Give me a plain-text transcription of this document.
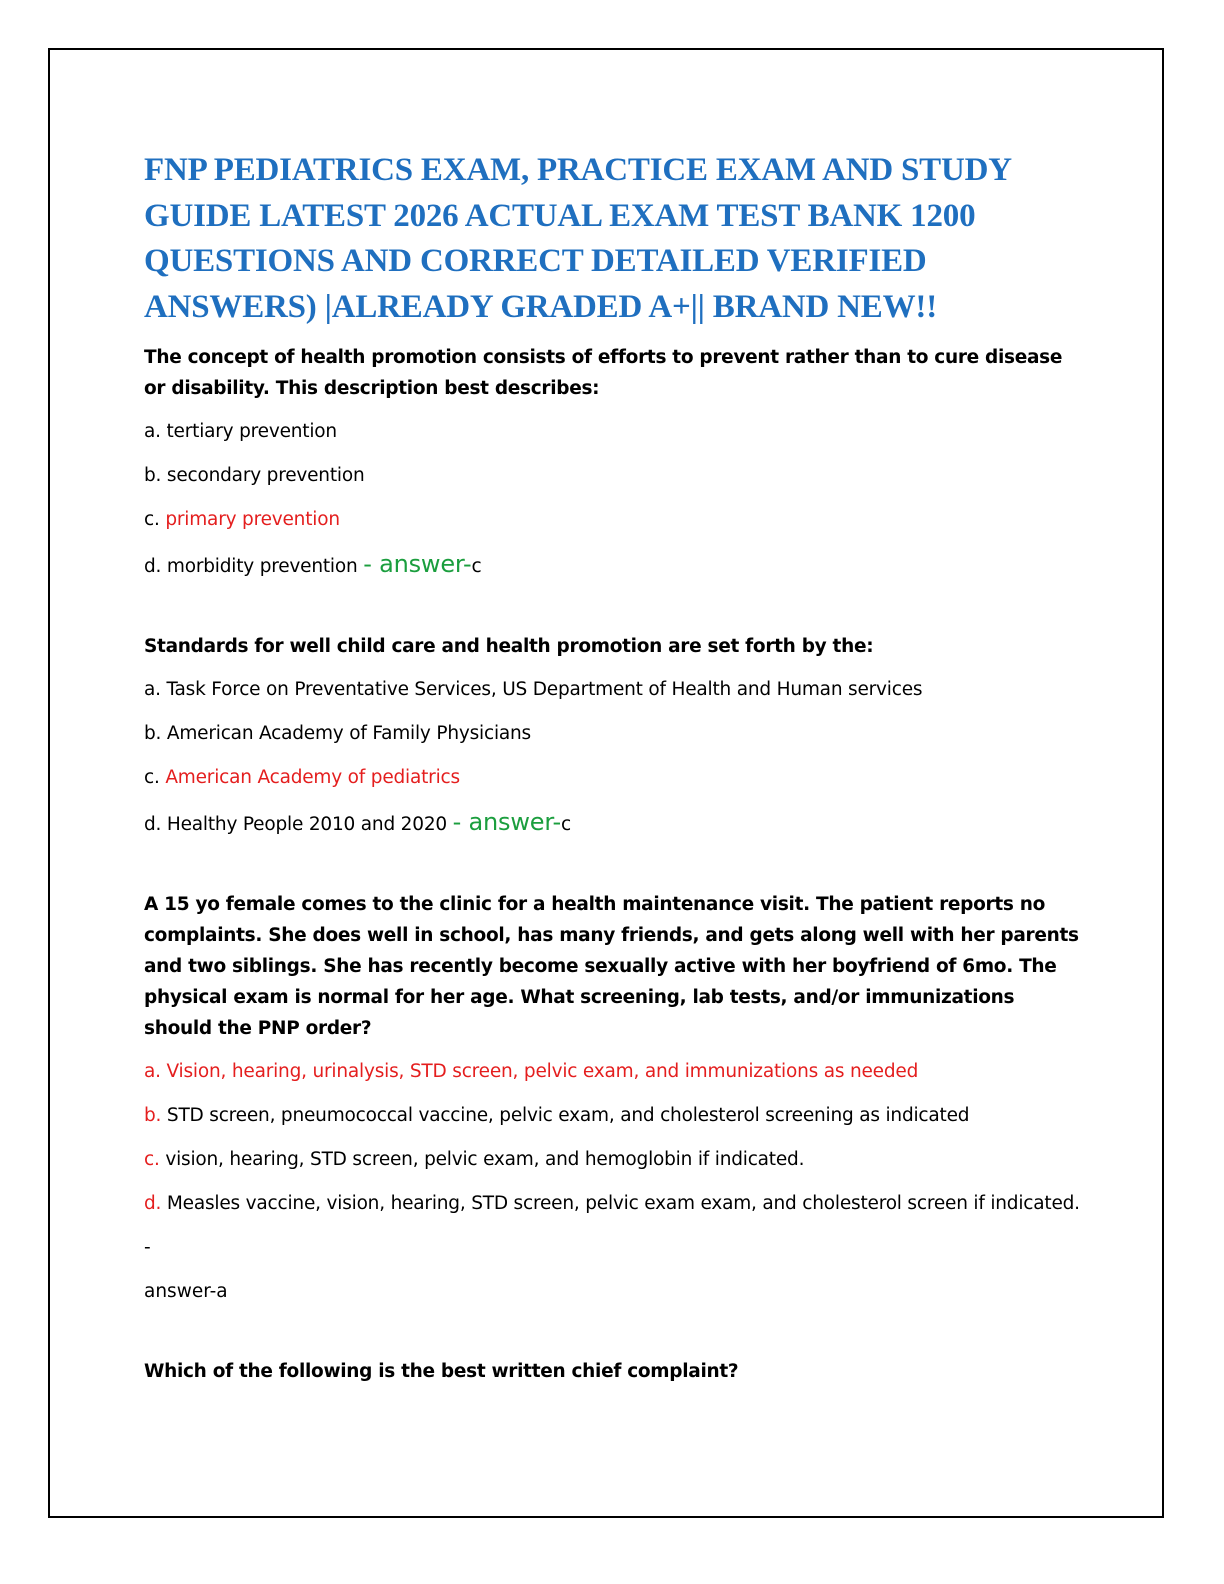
FNP PEDIATRICS EXAM, PRACTICE EXAM AND STUDY GUIDE LATEST 2026 ACTUAL EXAM TEST BANK 1200 QUESTIONS AND CORRECT DETAILED VERIFIED ANSWERS) |ALREADY GRADED A+|| BRAND NEW!!

The concept of health promotion consists of efforts to prevent rather than to cure disease or disability. This description best describes:

a. tertiary prevention

b. secondary prevention

c. primary prevention

d. morbidity prevention - answer-c

Standards for well child care and health promotion are set forth by the:

a. Task Force on Preventative Services, US Department of Health and Human services

b. American Academy of Family Physicians

c. American Academy of pediatrics

d. Healthy People 2010 and 2020 - answer-c

A 15 yo female comes to the clinic for a health maintenance visit. The patient reports no complaints. She does well in school, has many friends, and gets along well with her parents and two siblings. She has recently become sexually active with her boyfriend of 6mo. The physical exam is normal for her age. What screening, lab tests, and/or immunizations should the PNP order?

a. Vision, hearing, urinalysis, STD screen, pelvic exam, and immunizations as needed

b. STD screen, pneumococcal vaccine, pelvic exam, and cholesterol screening as indicated

c. vision, hearing, STD screen, pelvic exam, and hemoglobin if indicated.

d. Measles vaccine, vision, hearing, STD screen, pelvic exam exam, and cholesterol screen if indicated. -

answer-a

Which of the following is the best written chief complaint?
